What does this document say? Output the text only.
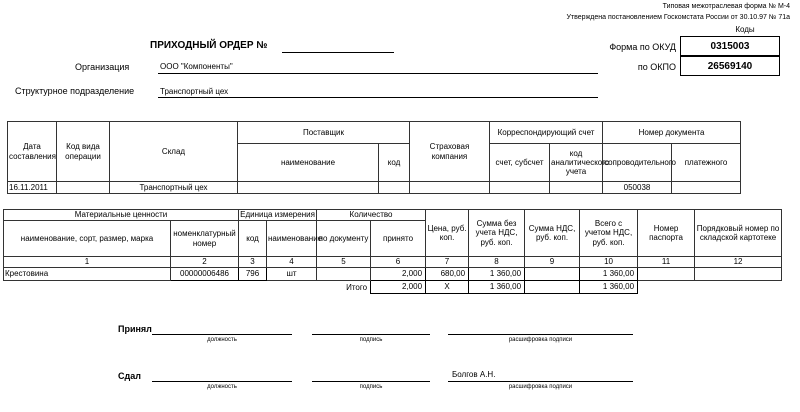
Типовая межотраслевая форма № М-4
Утверждена постановлением Госкомстата России от 30.10.97 № 71а
Коды
0315003
26569140
Форма по ОКУД
по ОКПО
ПРИХОДНЫЙ ОРДЕР №
Организация	ООО "Компоненты"
Структурное подразделение	Транспортный цех
Дата составления	Код вида операции	Склад	Поставщик		Страховая компания	Корреспондирующий счет		Номер документа	
			наименование	код		счет, субсчет	код аналитического учета	сопроводительного	платежного
16.11.2011		Транспортный цех						050038	
Материальные ценности		Единица измерения		Количество		Цена, руб. коп.	Сумма без учета НДС, руб. коп.	Сумма НДС, руб. коп.	Всего с учетом НДС, руб. коп.	Номер паспорта	Порядковый номер по складской картотеке
наименование, сорт, размер, марка	номенклатурный номер	код	наименование	по документу	принято						
1	2	3	4	5	6	7	8	9	10	11	12
Крестовина	00000006486	796	шт		2,000	680,00	1 360,00		1 360,00		
				Итого	2,000	X	1 360,00		1 360,00		
Принял
должность	подпись	расшифровка подписи
Сдал	Болгов А.Н.
должность	подпись	расшифровка подписи
